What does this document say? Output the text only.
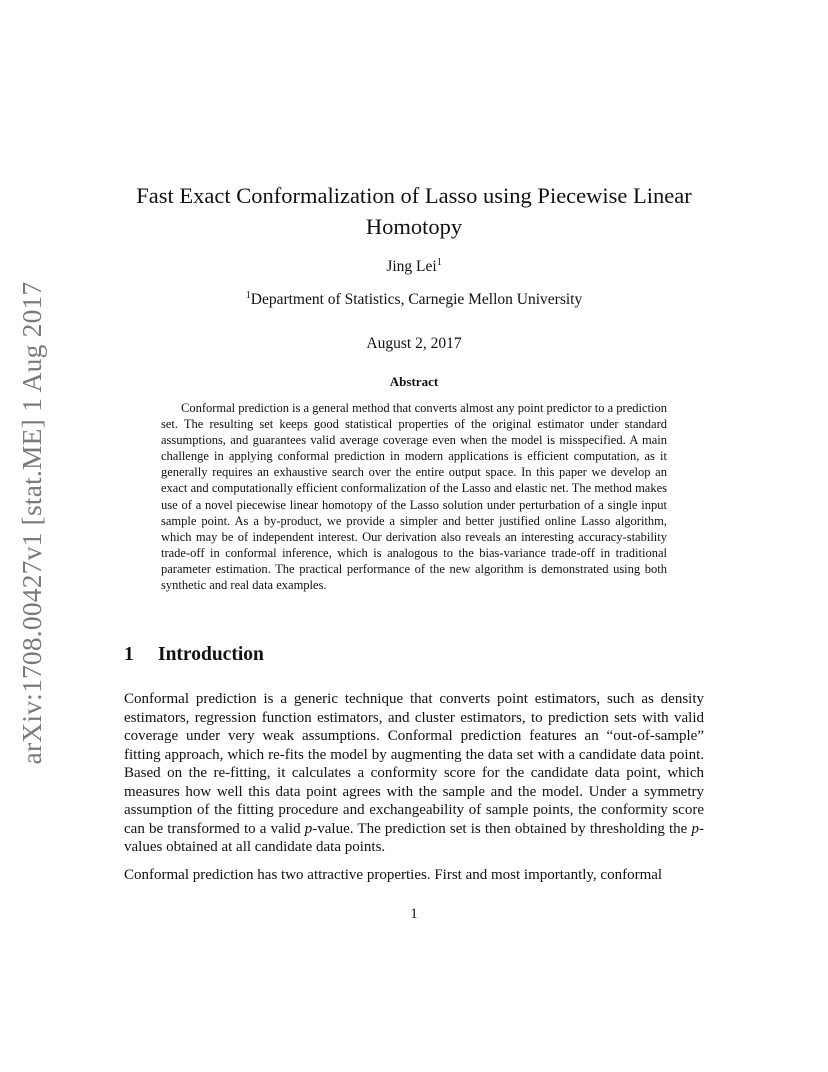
arXiv:1708.00427v1 [stat.ME] 1 Aug 2017
Fast Exact Conformalization of Lasso using Piecewise Linear Homotopy
Jing Lei$^1$
$^1$Department of Statistics, Carnegie Mellon University
August 2, 2017
Abstract
Conformal prediction is a general method that converts almost any point predictor to a prediction set. The resulting set keeps good statistical properties of the original estimator under standard assumptions, and guarantees valid average coverage even when the model is misspecified. A main challenge in applying conformal prediction in modern applications is efficient computation, as it generally requires an exhaustive search over the entire output space. In this paper we develop an exact and computationally efficient conformalization of the Lasso and elastic net. The method makes use of a novel piecewise linear homotopy of the Lasso solution under perturbation of a single input sample point. As a by-product, we provide a simpler and better justified online Lasso algorithm, which may be of independent interest. Our derivation also reveals an interesting accuracy-stability trade-off in conformal inference, which is analogous to the bias-variance trade-off in traditional parameter estimation. The practical performance of the new algorithm is demonstrated using both synthetic and real data examples.
1 Introduction

Conformal prediction is a generic technique that converts point estimators, such as density estimators, regression function estimators, and cluster estimators, to prediction sets with valid coverage under very weak assumptions. Conformal prediction features an “out-of-sample” fitting approach, which re-fits the model by augmenting the data set with a candidate data point. Based on the re-fitting, it calculates a conformity score for the candidate data point, which measures how well this data point agrees with the sample and the model. Under a symmetry assumption of the fitting procedure and exchangeability of sample points, the conformity score can be transformed to a valid p-value. The prediction set is then obtained by thresholding the p-values obtained at all candidate data points.

Conformal prediction has two attractive properties. First and most importantly, conformal

1
